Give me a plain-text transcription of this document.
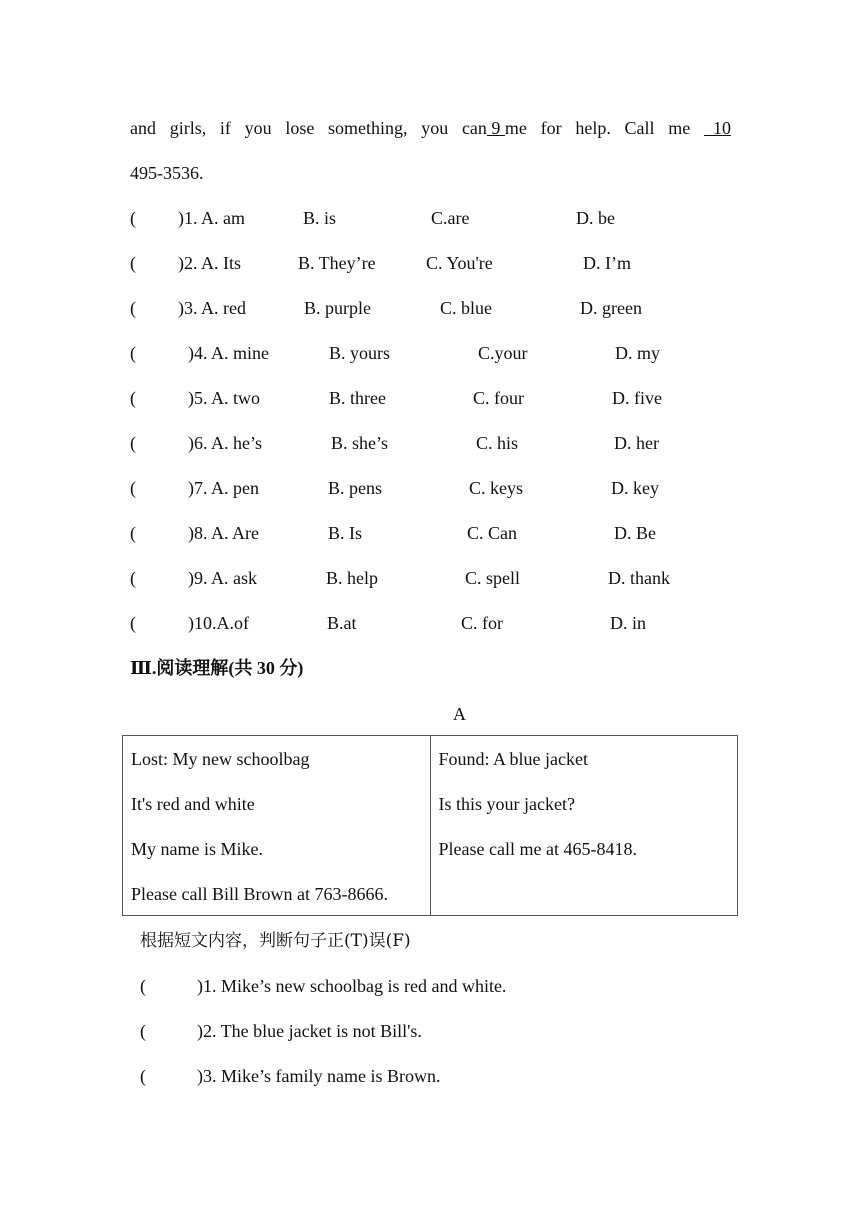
and girls, if you lose something, you can 9 me for help. Call me 10
495-3536.
( )1. A. am	B. is	C.are	D. be
( )2. A. Its	B. They’re	C. You're	D. I’m
( )3. A. red	B. purple	C. blue	D. green
(	)4. A. mine	B. yours	C.your	D. my
(	)5. A. two	B. three	C. four	D. five
(	)6. A. he’s	B. she’s	C. his	D. her
(	)7. A. pen	B. pens	C. keys	D. key
(	)8. A. Are	B. Is	C. Can	D. Be
(	)9. A. ask	B. help	C. spell	D. thank
(	)10.A.of	B.at	C. for	D. in
Ⅲ.阅读理解(共 30 分)
A

Lost: My new schoolbag

It's red and white

My name is Mike.

Please call Bill Brown at 763-8666.

Found: A blue jacket

Is this your jacket?

Please call me at 465-8418.

根据短文内容，判断句子正(T)误(F)
(	)1. Mike’s new schoolbag is red and white.
(	)2. The blue jacket is not Bill's.
(	)3. Mike’s family name is Brown.
